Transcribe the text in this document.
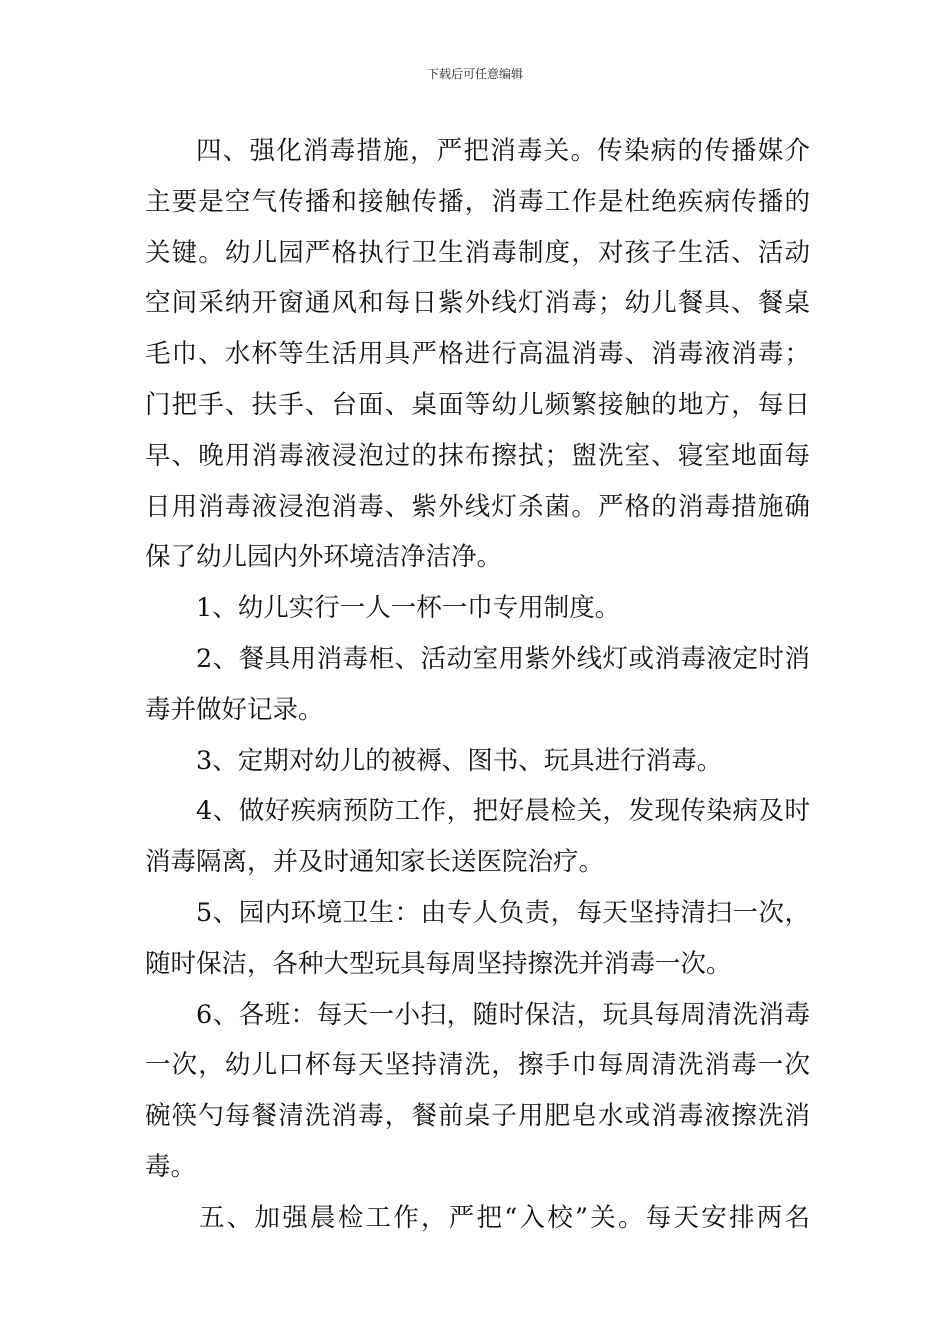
下载后可任意编辑
四、强化消毒措施，严把消毒关。传染病的传播媒介
主要是空气传播和接触传播，消毒工作是杜绝疾病传播的
关键。幼儿园严格执行卫生消毒制度，对孩子生活、活动
空间采纳开窗通风和每日紫外线灯消毒；幼儿餐具、餐桌
毛巾、水杯等生活用具严格进行高温消毒、消毒液消毒；
门把手、扶手、台面、桌面等幼儿频繁接触的地方，每日
早、晚用消毒液浸泡过的抹布擦拭；盥洗室、寝室地面每
日用消毒液浸泡消毒、紫外线灯杀菌。严格的消毒措施确
保了幼儿园内外环境洁净洁净。
1、幼儿实行一人一杯一巾专用制度。
2、餐具用消毒柜、活动室用紫外线灯或消毒液定时消
毒并做好记录。
3、定期对幼儿的被褥、图书、玩具进行消毒。
4、做好疾病预防工作，把好晨检关，发现传染病及时
消毒隔离，并及时通知家长送医院治疗。
5、园内环境卫生：由专人负责，每天坚持清扫一次，
随时保洁，各种大型玩具每周坚持擦洗并消毒一次。
6、各班：每天一小扫，随时保洁，玩具每周清洗消毒
一次，幼儿口杯每天坚持清洗，擦手巾每周清洗消毒一次
碗筷勺每餐清洗消毒，餐前桌子用肥皂水或消毒液擦洗消
毒。
五、加强晨检工作，严把“入校”关。每天安排两名
